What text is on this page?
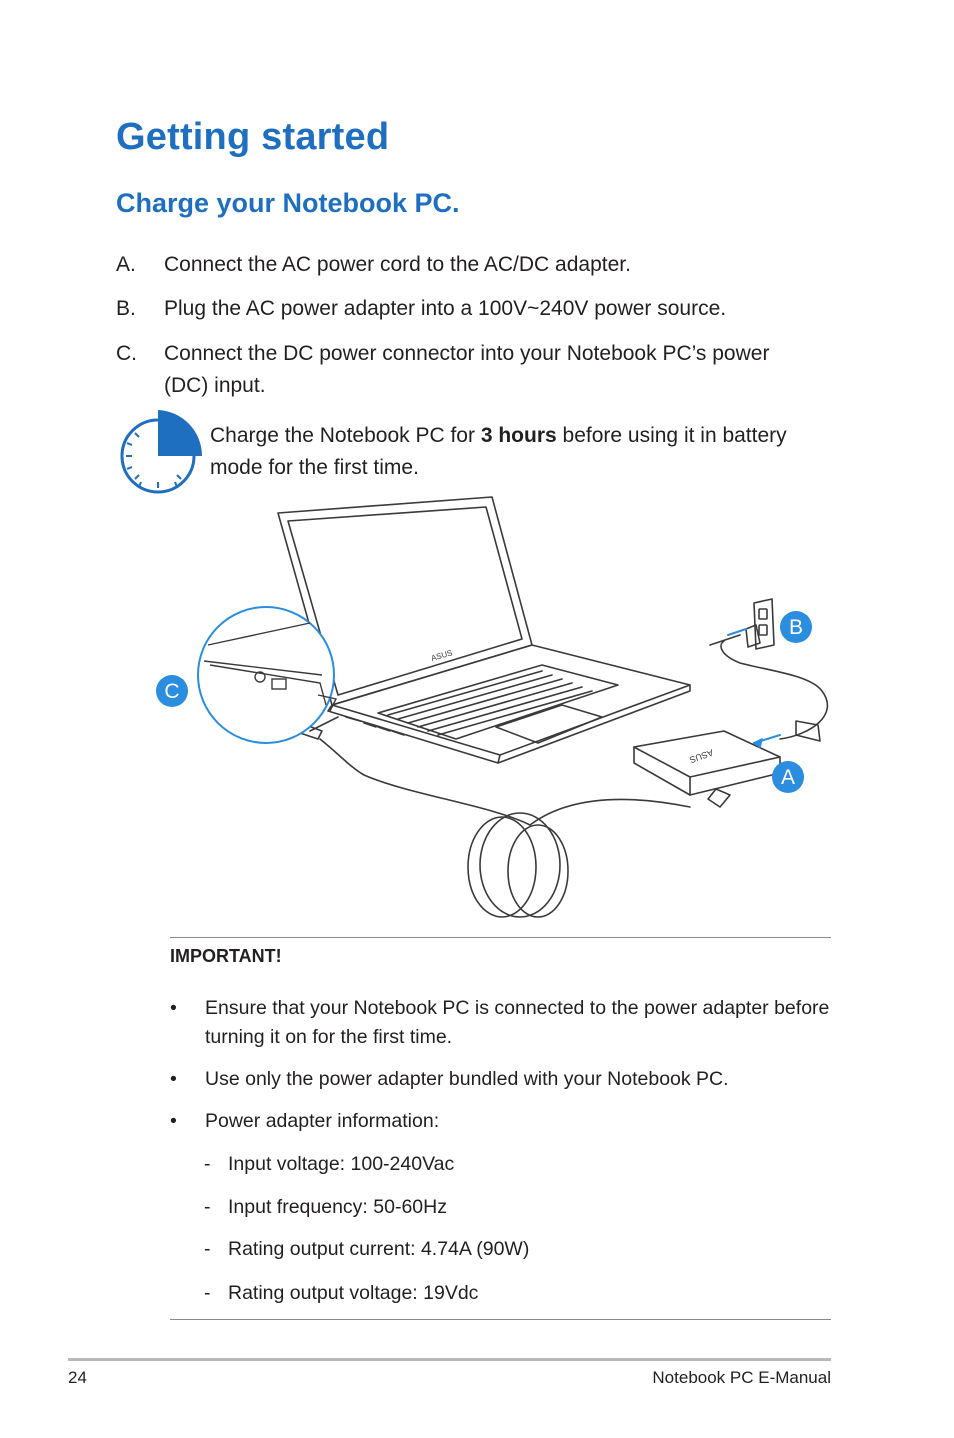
Getting started
Charge your Notebook PC.
A. Connect the AC power cord to the AC/DC adapter.
B. Plug the AC power adapter into a 100V~240V power source.
C. Connect the DC power connector into your Notebook PC’s power (DC) input.
Charge the Notebook PC for 3 hours before using it in battery mode for the first time.
ASUS
ASUS
C
B
A
IMPORTANT!
• Ensure that your Notebook PC is connected to the power adapter before turning it on for the first time.
• Use only the power adapter bundled with your Notebook PC.
• Power adapter information:
- Input voltage: 100-240Vac
- Input frequency: 50-60Hz
- Rating output current: 4.74A (90W)
- Rating output voltage: 19Vdc
24	Notebook PC E-Manual
